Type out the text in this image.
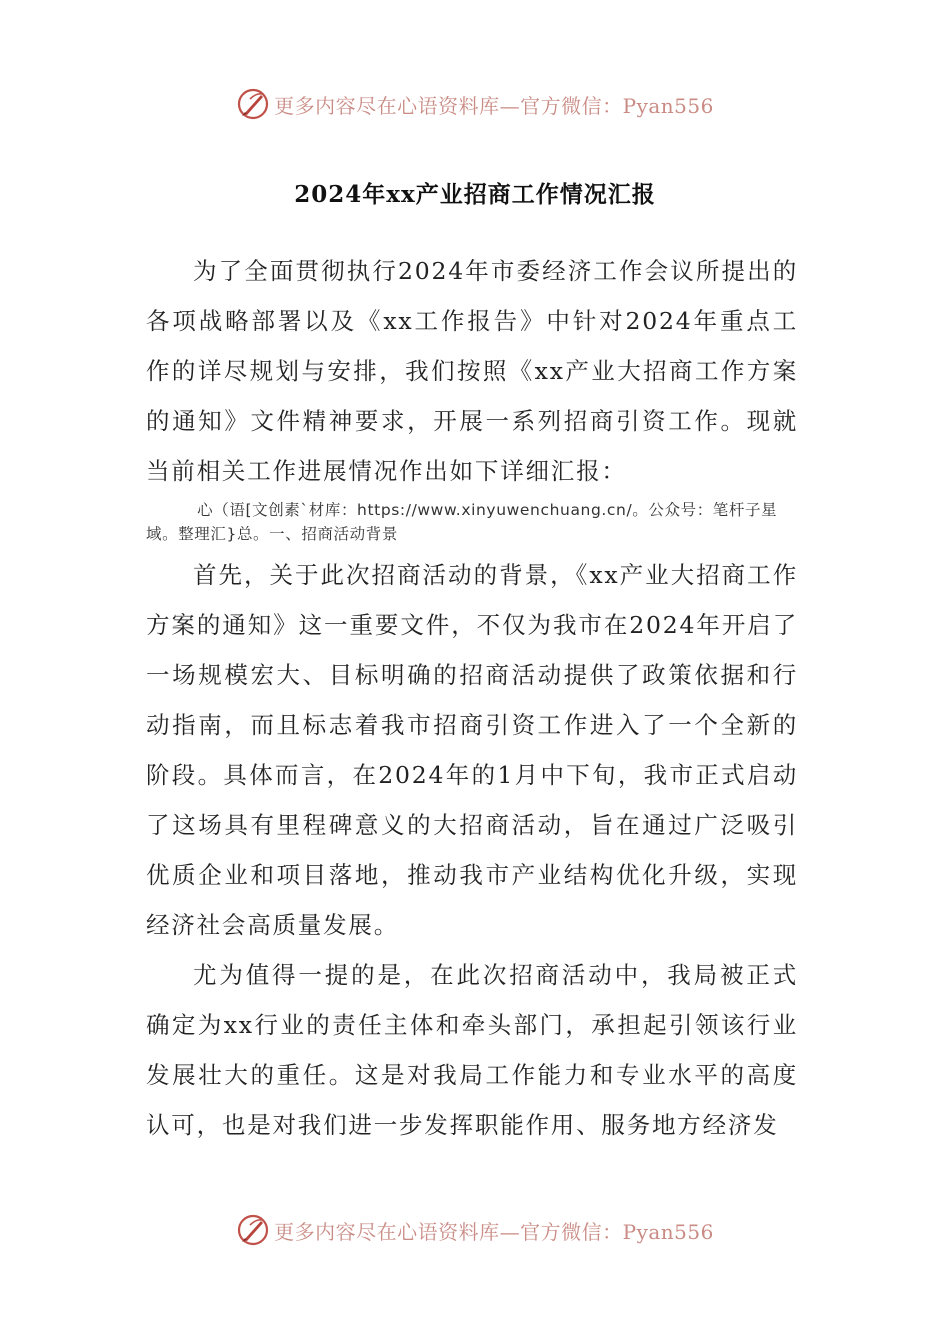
更多内容尽在心语资料库—官方微信：Pyan556
2024年xx产业招商工作情况汇报

为了全面贯彻执行2024年市委经济工作会议所提出的各项战略部署以及《xx工作报告》中针对2024年重点工作的详尽规划与安排，我们按照《xx产业大招商工作方案的通知》文件精神要求，开展一系列招商引资工作。现就当前相关工作进展情况作出如下详细汇报：

心（语[文创素`材库：https://www.xinyuwenchuang.cn/。公众号：笔杆子星域。整理汇}总。一、招商活动背景

首先，关于此次招商活动的背景，《xx产业大招商工作方案的通知》这一重要文件，不仅为我市在2024年开启了一场规模宏大、目标明确的招商活动提供了政策依据和行动指南，而且标志着我市招商引资工作进入了一个全新的阶段。具体而言，在2024年的1月中下旬，我市正式启动了这场具有里程碑意义的大招商活动，旨在通过广泛吸引优质企业和项目落地，推动我市产业结构优化升级，实现经济社会高质量发展。

尤为值得一提的是，在此次招商活动中，我局被正式确定为xx行业的责任主体和牵头部门，承担起引领该行业发展壮大的重任。这是对我局工作能力和专业水平的高度认可，也是对我们进一步发挥职能作用、服务地方经济发

更多内容尽在心语资料库—官方微信：Pyan556
